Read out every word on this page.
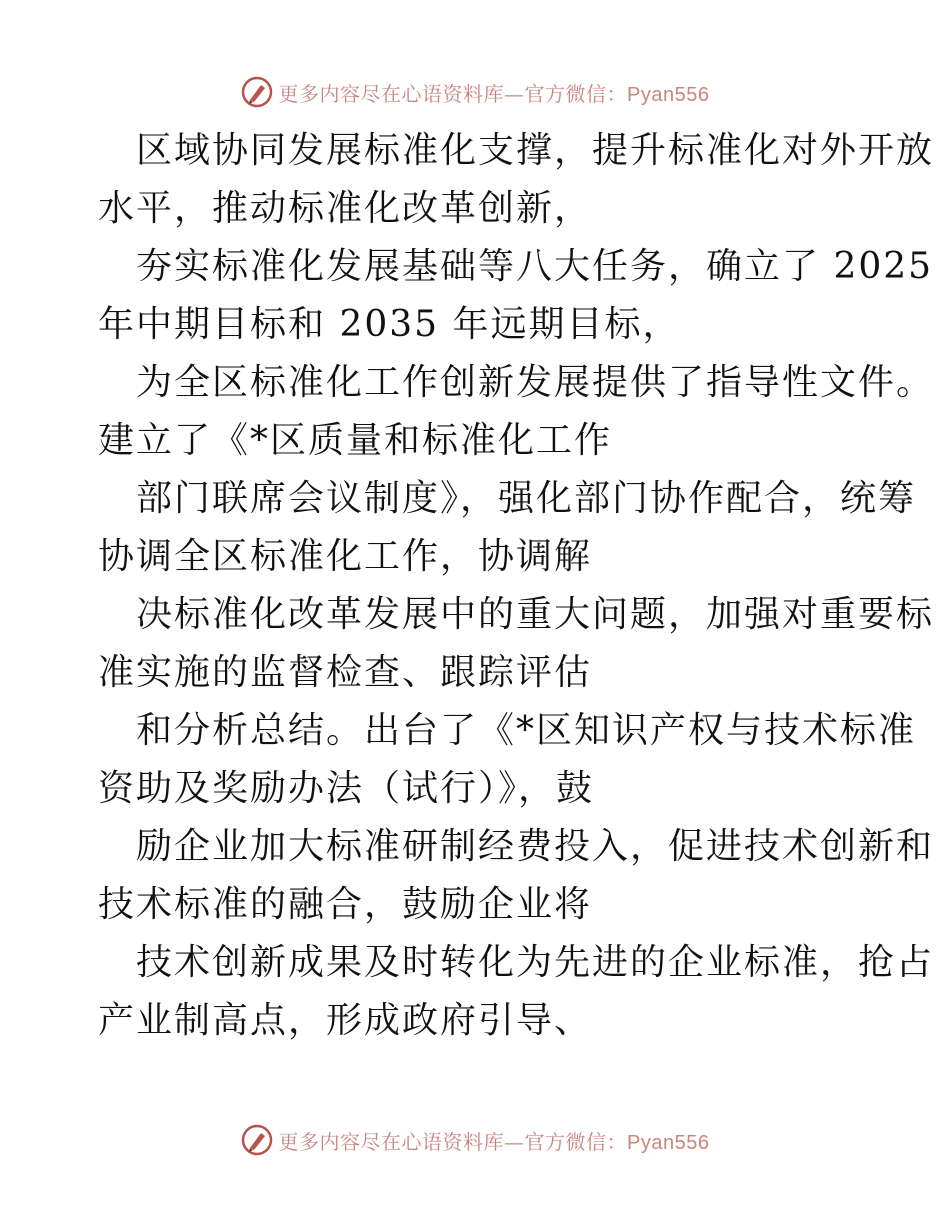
更多内容尽在心语资料库—官方微信：Pyan556

区域协同发展标准化支撑，提升标准化对外开放
水平，推动标准化改革创新，

夯实标准化发展基础等八大任务，确立了 2025
年中期目标和 2035 年远期目标，

为全区标准化工作创新发展提供了指导性文件。
建立了《*区质量和标准化工作

部门联席会议制度》，强化部门协作配合，统筹
协调全区标准化工作，协调解

决标准化改革发展中的重大问题，加强对重要标
准实施的监督检查、跟踪评估

和分析总结。出台了《*区知识产权与技术标准
资助及奖励办法（试行）》，鼓

励企业加大标准研制经费投入，促进技术创新和
技术标准的融合，鼓励企业将

技术创新成果及时转化为先进的企业标准，抢占
产业制高点，形成政府引导、

更多内容尽在心语资料库—官方微信：Pyan556
